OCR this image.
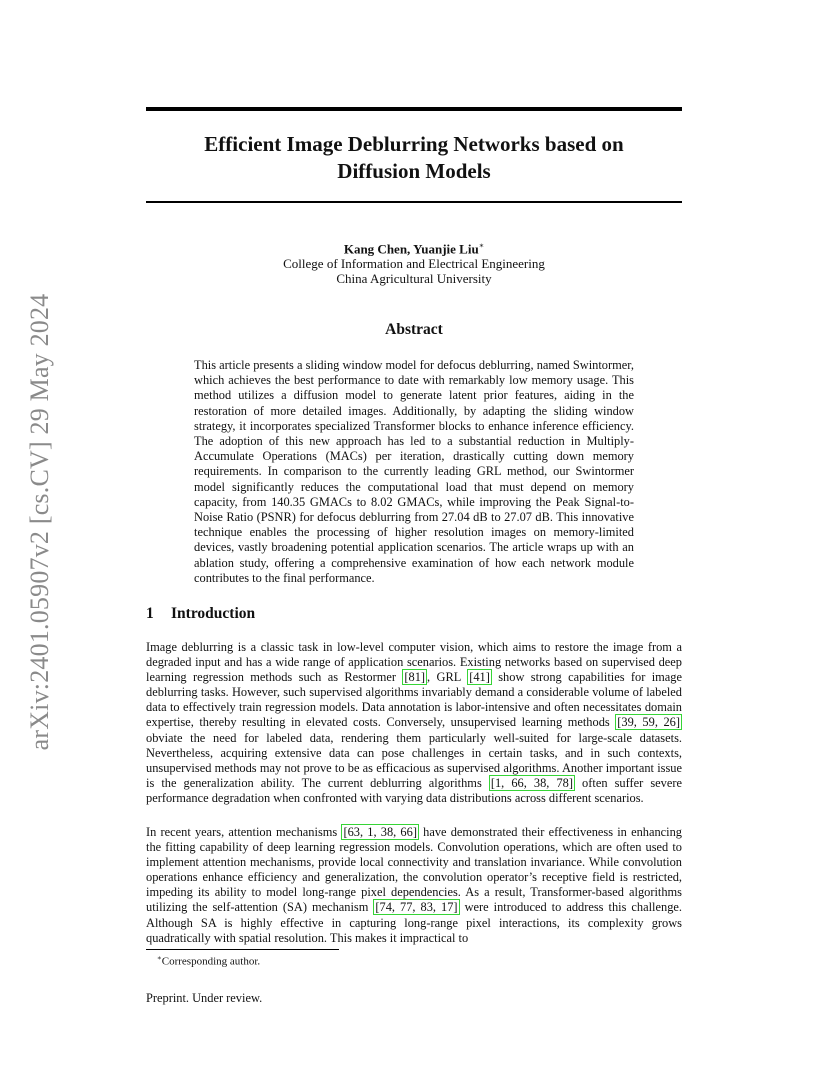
arXiv:2401.05907v2 [cs.CV] 29 May 2024
Efficient Image Deblurring Networks based on
Diffusion Models
Kang Chen, Yuanjie Liu∗
College of Information and Electrical Engineering
China Agricultural University
Abstract
This article presents a sliding window model for defocus deblurring, named Swintormer, which achieves the best performance to date with remarkably low memory usage. This method utilizes a diffusion model to generate latent prior features, aiding in the restoration of more detailed images. Additionally, by adapting the sliding window strategy, it incorporates specialized Transformer blocks to enhance inference efficiency. The adoption of this new approach has led to a substantial reduction in Multiply-Accumulate Operations (MACs) per iteration, drastically cutting down memory requirements. In comparison to the currently leading GRL method, our Swintormer model significantly reduces the computational load that must depend on memory capacity, from 140.35 GMACs to 8.02 GMACs, while improving the Peak Signal-to-Noise Ratio (PSNR) for defocus deblurring from 27.04 dB to 27.07 dB. This innovative technique enables the processing of higher resolution images on memory-limited devices, vastly broadening potential application scenarios. The article wraps up with an ablation study, offering a comprehensive examination of how each network module contributes to the final performance.
1 Introduction
Image deblurring is a classic task in low-level computer vision, which aims to restore the image from a degraded input and has a wide range of application scenarios. Existing networks based on supervised deep learning regression methods such as Restormer [81] , GRL [41] show strong capabilities for image deblurring tasks. However, such supervised algorithms invariably demand a considerable volume of labeled data to effectively train regression models. Data annotation is labor-intensive and often necessitates domain expertise, thereby resulting in elevated costs. Conversely, unsupervised learning methods [39, 59, 26] obviate the need for labeled data, rendering them particularly well-suited for large-scale datasets. Nevertheless, acquiring extensive data can pose challenges in certain tasks, and in such contexts, unsupervised methods may not prove to be as efficacious as supervised algorithms. Another important issue is the generalization ability. The current deblurring algorithms [1, 66, 38, 78] often suffer severe performance degradation when confronted with varying data distributions across different scenarios.
In recent years, attention mechanisms [63, 1, 38, 66] have demonstrated their effectiveness in enhancing the fitting capability of deep learning regression models. Convolution operations, which are often used to implement attention mechanisms, provide local connectivity and translation invariance. While convolution operations enhance efficiency and generalization, the convolution operator’s receptive field is restricted, impeding its ability to model long-range pixel dependencies. As a result, Transformer-based algorithms utilizing the self-attention (SA) mechanism [74, 77, 83, 17] were introduced to address this challenge. Although SA is highly effective in capturing long-range pixel interactions, its complexity grows quadratically with spatial resolution. This makes it impractical to
∗Corresponding author.
Preprint. Under review.
